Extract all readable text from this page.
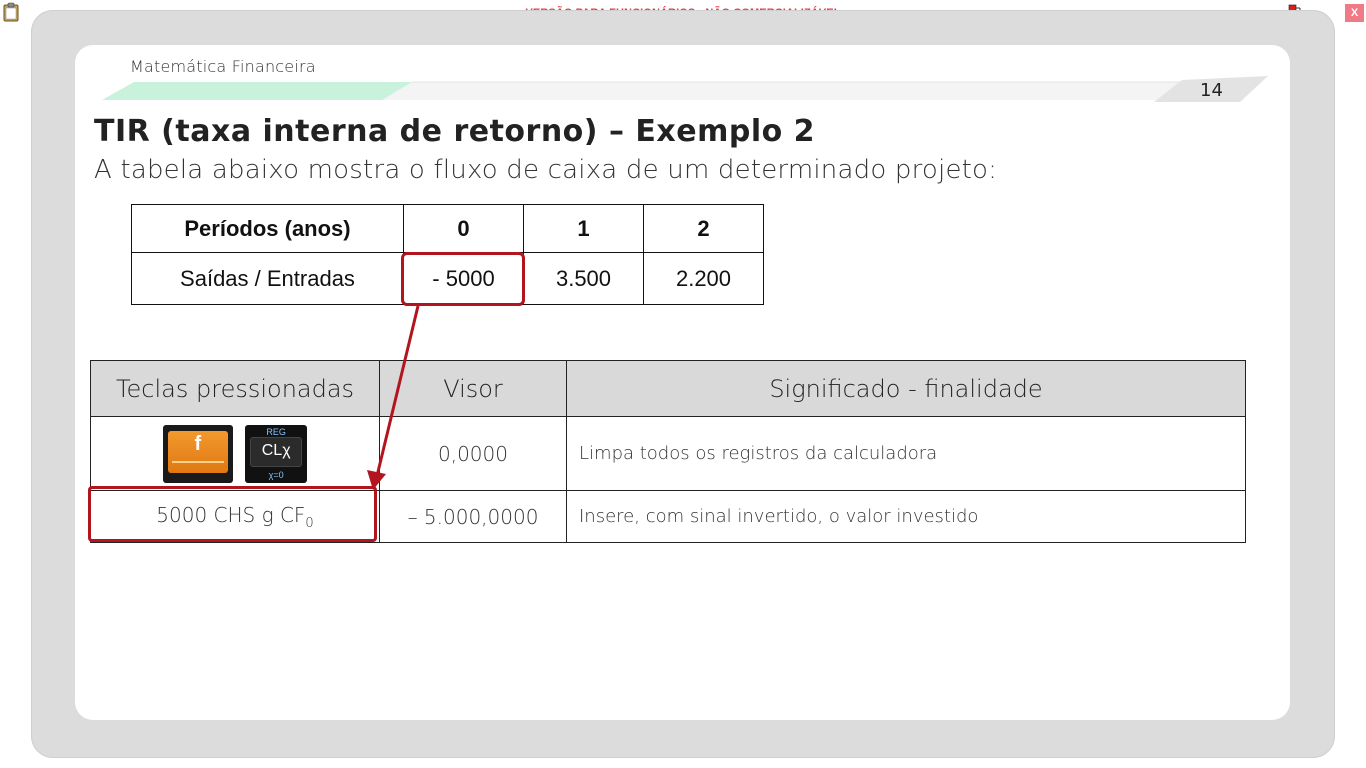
X
Matemática Financeira
14
TIR (taxa interna de retorno) – Exemplo 2
A tabela abaixo mostra o fluxo de caixa de um determinado projeto:
Períodos (anos)	0	1	2
Saídas / Entradas	- 5000	3.500	2.200
Teclas pressionadas	Visor	Significado - finalidade

f

REG
CLχ
χ=0	0,0000	Limpa todos os registros da calculadora
5000 CHS g $CF_0$	– 5.000,0000	Insere, com sinal invertido, o valor investido
